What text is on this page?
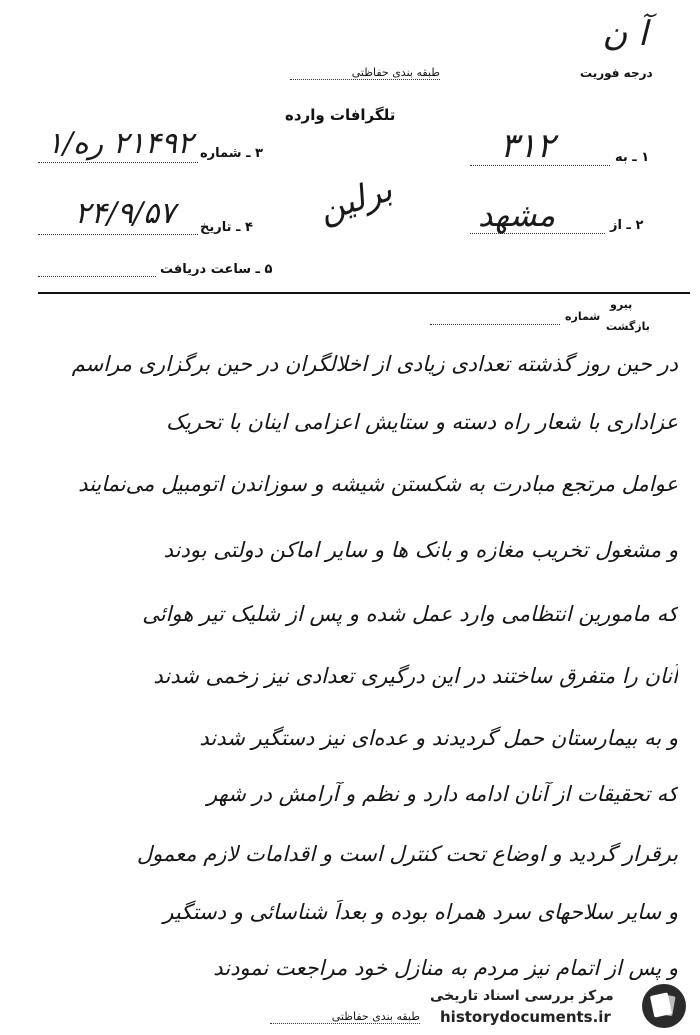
آ ن
درجه فوریت
طبقه بندی حفاظتی
تلگرافات وارده
۱ ـ به
۳۱۲
۳ ـ شماره
۲۱۴۹۲ ره/۱
۲ ـ از
مشهد
برلین
۴ ـ تاریخ
۲۴/۹/۵۷
۵ ـ ساعت دریافت
پیرو
بازگشت
شماره
در حین روز گذشته تعدادی زیادی از اخلالگران در حین برگزاری مراسم
عزاداری با شعار راه دسته و ستایش اعزامی اینان با تحریک
عوامل مرتجع مبادرت به شکستن شیشه و سوزاندن اتومبیل می‌نمایند
و مشغول تخریب مغازه و بانک ها و سایر اماکن دولتی بودند
که مامورین انتظامی وارد عمل شده و پس از شلیک تیر هوائی
آنان را متفرق ساختند در این درگیری تعدادی نیز زخمی شدند
و به بیمارستان حمل گردیدند و عده‌ای نیز دستگیر شدند
که تحقیقات از آنان ادامه دارد و نظم و آرامش در شهر
برقرار گردید و اوضاع تحت کنترل است و اقدامات لازم معمول
و سایر سلاحهای سرد همراه بوده و بعداً شناسائی و دستگیر
و پس از اتمام نیز مردم به منازل خود مراجعت نمودند
طبقه بندی حفاظتی
مرکز بررسی اسناد تاریخی
historydocuments.ir
